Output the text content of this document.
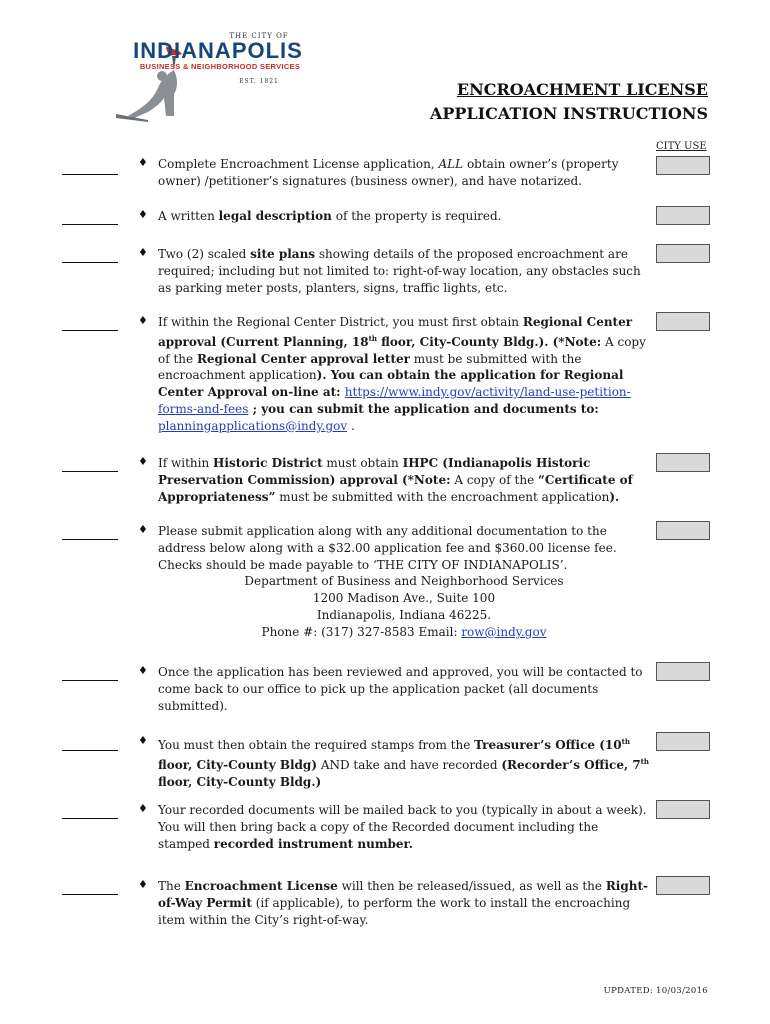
THE CITY OF
INDIANAPOLIS
BUSINESS & NEIGHBORHOOD SERVICES
EST. 1821	ENCROACHMENT LICENSE
APPLICATION INSTRUCTIONS
CITY USE
♦ Complete Encroachment License application, ALL obtain owner’s (property owner) /petitioner’s signatures (business owner), and have notarized.
♦ A written legal description of the property is required.
♦ Two (2) scaled site plans showing details of the proposed encroachment are required; including but not limited to: right-of-way location, any obstacles such as parking meter posts, planters, signs, traffic lights, etc.
♦ If within the Regional Center District, you must first obtain Regional Center approval (Current Planning, 18th floor, City-County Bldg.). (*Note: A copy of the Regional Center approval letter must be submitted with the encroachment application). You can obtain the application for Regional Center Approval on-line at: https://www.indy.gov/activity/land-use-petition-forms-and-fees ; you can submit the application and documents to: planningapplications@indy.gov .
♦ If within Historic District must obtain IHPC (Indianapolis Historic Preservation Commission) approval (*Note: A copy of the “Certificate of Appropriateness” must be submitted with the encroachment application).
♦ Please submit application along with any additional documentation to the address below along with a $32.00 application fee and $360.00 license fee. Checks should be made payable to ‘THE CITY OF INDIANAPOLIS’.
Department of Business and Neighborhood Services
1200 Madison Ave., Suite 100
Indianapolis, Indiana 46225.
Phone #: (317) 327-8583 Email: row@indy.gov
♦ Once the application has been reviewed and approved, you will be contacted to come back to our office to pick up the application packet (all documents submitted).
♦ You must then obtain the required stamps from the Treasurer’s Office (10th floor, City-County Bldg) AND take and have recorded (Recorder’s Office, 7th floor, City-County Bldg.)
♦ Your recorded documents will be mailed back to you (typically in about a week). You will then bring back a copy of the Recorded document including the stamped recorded instrument number.
♦ The Encroachment License will then be released/issued, as well as the Right-of-Way Permit (if applicable), to perform the work to install the encroaching item within the City’s right-of-way.
UPDATED: 10/03/2016
